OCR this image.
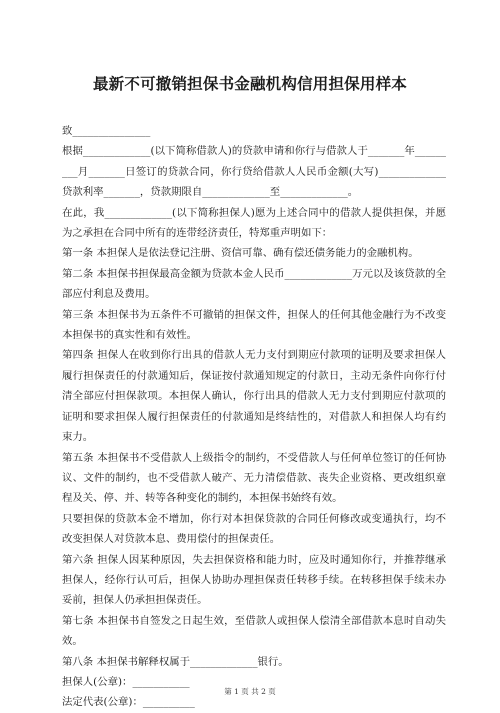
最新不可撤销担保书金融机构信用担保用样本

致_______________

根据_____________(以下简称借款人)的贷款申请和你行与借款人于_______年______ ___月_______日签订的贷款合同，你行贷给借款人人民币金额(大写)_____________贷款利率_______，贷款期限自_____________至_____________。

在此，我_____________(以下简称担保人)愿为上述合同中的借款人提供担保，并愿为之承担在合同中所有的连带经济责任，特郑重声明如下：

第一条 本担保人是依法登记注册、资信可靠、确有偿还债务能力的金融机构。

第二条 本担保书担保最高金额为贷款本金人民币_____________万元以及该贷款的全部应付利息及费用。

第三条 本担保书为五条件不可撤销的担保文件，担保人的任何其他金融行为不改变本担保书的真实性和有效性。

第四条 担保人在收到你行出具的借款人无力支付到期应付款项的证明及要求担保人履行担保责任的付款通知后，保证按付款通知规定的付款日，主动无条件向你行付清全部应付担保款项。本担保人确认，你行出具的借款人无力支付到期应付款项的证明和要求担保人履行担保责任的付款通知是终结性的，对借款人和担保人均有约束力。

第五条 本担保书不受借款人上级指令的制约，不受借款人与任何单位签订的任何协议、文件的制约，也不受借款人破产、无力清偿借款、丧失企业资格、更改组织章程及关、停、并、转等各种变化的制约，本担保书始终有效。

只要担保的贷款本金不增加，你行对本担保贷款的合同任何修改或变通执行，均不改变担保人对贷款本息、费用偿付的担保责任。

第六条 担保人因某种原因，失去担保资格和能力时，应及时通知你行，并推荐继承担保人，经你行认可后，担保人协助办理担保责任转移手续。在转移担保手续未办妥前，担保人仍承担担保责任。

第七条 本担保书自签发之日起生效，至借款人或担保人偿清全部借款本息时自动失效。

第八条 本担保书解释权属于_____________银行。

担保人(公章)：___________

法定代表(公章)：__________

第 1 页 共 2 页
